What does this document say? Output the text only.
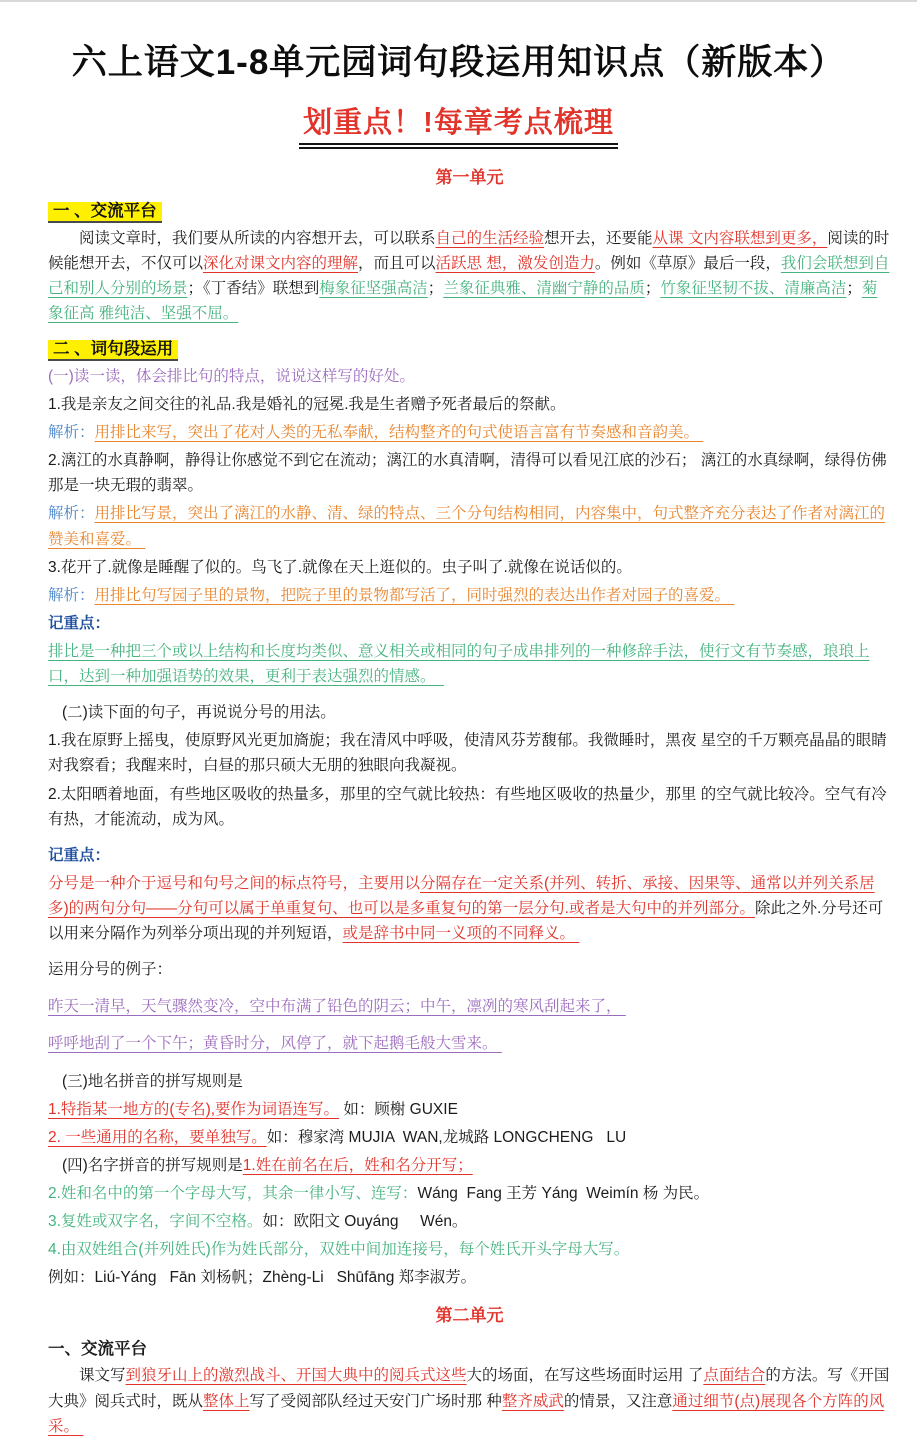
六上语文1-8单元园词句段运用知识点（新版本）
划重点！!每章考点梳理
第一单元
一 、交流平台
阅读文章时，我们要从所读的内容想开去，可以联系自己的生活经验想开去，还要能从课 文内容联想到更多，阅读的时候能想开去，不仅可以深化对课文内容的理解，而且可以活跃思 想，激发创造力。例如《草原》最后一段，我们会联想到自己和别人分别的场景；《丁香结》联想到梅象征坚强高洁；兰象征典雅、清幽宁静的品质；竹象征坚韧不拔、清廉高洁；菊象征高 雅纯洁、坚强不屈。
二 、词句段运用
(一)读一读，体会排比句的特点，说说这样写的好处。
1.我是亲友之间交往的礼品.我是婚礼的冠冕.我是生者赠予死者最后的祭献。
解析：用排比来写，突出了花对人类的无私奉献，结构整齐的句式使语言富有节奏感和音韵美。
2.漓江的水真静啊，静得让你感觉不到它在流动；漓江的水真清啊，清得可以看见江底的沙石； 漓江的水真绿啊，绿得仿佛那是一块无瑕的翡翠。
解析：用排比写景，突出了漓江的水静、清、绿的特点、三个分句结构相同，内容集中，句式整齐充分表达了作者对漓江的赞美和喜爱。
3.花开了.就像是睡醒了似的。鸟飞了.就像在天上逛似的。虫子叫了.就像在说话似的。
解析：用排比句写园子里的景物，把院子里的景物都写活了，同时强烈的表达出作者对园子的喜爱。
记重点：
排比是一种把三个或以上结构和长度均类似、意义相关或相同的句子成串排列的一种修辞手法，使行文有节奏感，琅琅上口，达到一种加强语势的效果，更利于表达强烈的情感。
(二)读下面的句子，再说说分号的用法。
1.我在原野上摇曳，使原野风光更加旖旎；我在清风中呼吸，使清风芬芳馥郁。我微睡时，黑夜 星空的千万颗亮晶晶的眼睛对我察看；我醒来时，白昼的那只硕大无朋的独眼向我凝视。
2.太阳晒着地面，有些地区吸收的热量多，那里的空气就比较热：有些地区吸收的热量少，那里 的空气就比较冷。空气有冷有热，才能流动，成为风。
记重点：
分号是一种介于逗号和句号之间的标点符号，主要用以分隔存在一定关系(并列、转折、承接、因果等、通常以并列关系居多)的两句分句——分句可以属于单重复句、也可以是多重复句的第一层分句.或者是大句中的并列部分。除此之外.分号还可以用来分隔作为列举分项出现的并列短语，或是辞书中同一义项的不同释义。
运用分号的例子：
昨天一清早，天气骤然变冷，空中布满了铅色的阴云；中午，凛冽的寒风刮起来了，
呼呼地刮了一个下午；黄昏时分，风停了，就下起鹅毛般大雪来。
(三)地名拼音的拼写规则是
1.特指某一地方的(专名),要作为词语连写。 如：顾榭 GUXIE
2. 一些通用的名称，要单独写。如：穆家湾 MUJIA  WAN,龙城路 LONGCHENG   LU
(四)名字拼音的拼写规则是1.姓在前名在后，姓和名分开写；
2.姓和名中的第一个字母大写，其余一律小写、连写：Wáng  Fang 王芳 Yáng  Weimín 杨 为民。
3.复姓或双字名，字间不空格。如：欧阳文 Ouyáng     Wén。
4.由双姓组合(并列姓氏)作为姓氏部分，双姓中间加连接号，每个姓氏开头字母大写。
例如：Liú-Yáng   Fān 刘杨帆；Zhèng-Li   Shūfāng 郑李淑芳。
第二单元
一、交流平台
课文写到狼牙山上的激烈战斗、开国大典中的阅兵式这些大的场面，在写这些场面时运用 了点面结合的方法。写《开国大典》阅兵式时，既从整体上写了受阅部队经过天安门广场时那 种整齐威武的情景，又注意通过细节(点)展现各个方阵的风采。
